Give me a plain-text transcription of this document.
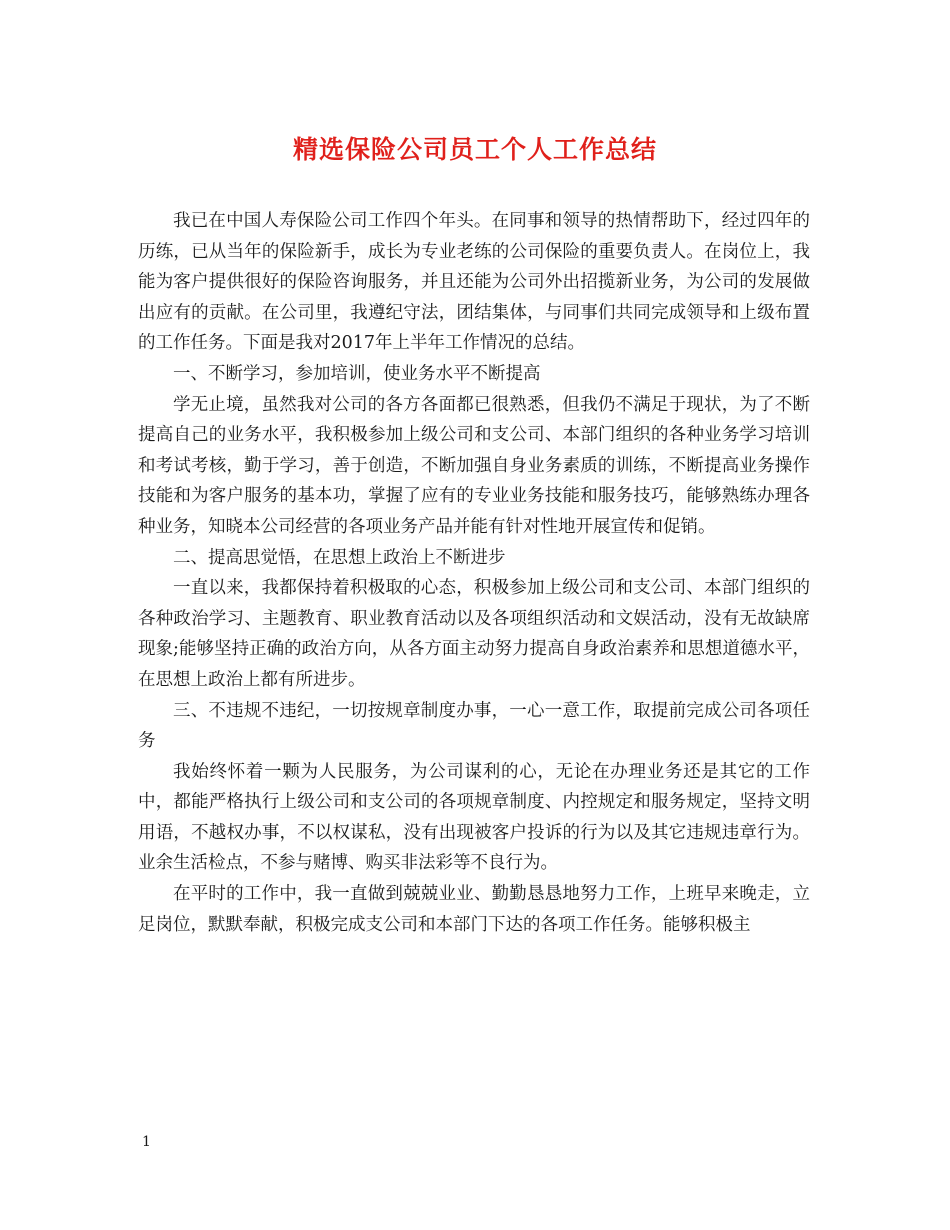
精选保险公司员工个人工作总结

我已在中国人寿保险公司工作四个年头。在同事和领导的热情帮助下，经过四年的历练，已从当年的保险新手，成长为专业老练的公司保险的重要负责人。在岗位上，我能为客户提供很好的保险咨询服务，并且还能为公司外出招揽新业务，为公司的发展做出应有的贡献。在公司里，我遵纪守法，团结集体，与同事们共同完成领导和上级布置的工作任务。下面是我对2017年上半年工作情况的总结。

一、不断学习，参加培训，使业务水平不断提高

学无止境，虽然我对公司的各方各面都已很熟悉，但我仍不满足于现状，为了不断提高自己的业务水平，我积极参加上级公司和支公司、本部门组织的各种业务学习培训和考试考核，勤于学习，善于创造，不断加强自身业务素质的训练，不断提高业务操作技能和为客户服务的基本功，掌握了应有的专业业务技能和服务技巧，能够熟练办理各种业务，知晓本公司经营的各项业务产品并能有针对性地开展宣传和促销。

二、提高思觉悟，在思想上政治上不断进步

一直以来，我都保持着积极取的心态，积极参加上级公司和支公司、本部门组织的各种政治学习、主题教育、职业教育活动以及各项组织活动和文娱活动，没有无故缺席现象;能够坚持正确的政治方向，从各方面主动努力提高自身政治素养和思想道德水平，在思想上政治上都有所进步。

三、不违规不违纪，一切按规章制度办事，一心一意工作，取提前完成公司各项任务

我始终怀着一颗为人民服务，为公司谋利的心，无论在办理业务还是其它的工作中，都能严格执行上级公司和支公司的各项规章制度、内控规定和服务规定，坚持文明用语，不越权办事，不以权谋私，没有出现被客户投诉的行为以及其它违规违章行为。业余生活检点，不参与赌博、购买非法彩等不良行为。

在平时的工作中，我一直做到兢兢业业、勤勤恳恳地努力工作，上班早来晚走，立足岗位，默默奉献，积极完成支公司和本部门下达的各项工作任务。能够积极主

1
